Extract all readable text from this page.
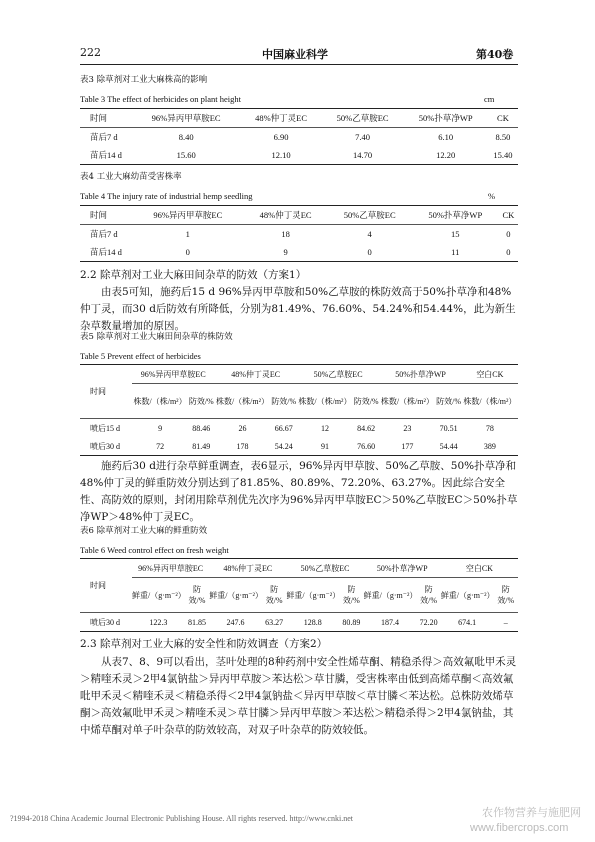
222	中国麻业科学	第40卷
表3 除草剂对工业大麻株高的影响
Table 3 The effect of herbicides on plant height	cm
时间	96%异丙甲草胺EC	48%仲丁灵EC	50%乙草胺EC	50%扑草净WP	CK
苗后7 d	8.40	6.90	7.40	6.10	8.50
苗后14 d	15.60	12.10	14.70	12.20	15.40
表4 工业大麻幼苗受害株率
Table 4 The injury rate of industrial hemp seedling	%
时间	96%异丙甲草胺EC	48%仲丁灵EC	50%乙草胺EC	50%扑草净WP	CK
苗后7 d	1	18	4	15	0
苗后14 d	0	9	0	11	0
2.2 除草剂对工业大麻田间杂草的防效（方案1）
由表5可知，施药后15 d 96%异丙甲草胺和50%乙草胺的株防效高于50%扑草净和48%仲丁灵，而30 d后防效有所降低，分别为81.49%、76.60%、54.24%和54.44%，此为新生杂草数量增加的原因。
表5 除草剂对工业大麻田间杂草的株防效
Table 5 Prevent effect of herbicides
时间	96%异丙甲草胺EC		48%仲丁灵EC		50%乙草胺EC		50%扑草净WP		空白CK
	株数/（株/m²）	防效/%	株数/（株/m²）	防效/%	株数/（株/m²）	防效/%	株数/（株/m²）	防效/%	株数/（株/m²）
喷后15 d	9	88.46	26	66.67	12	84.62	23	70.51	78
喷后30 d	72	81.49	178	54.24	91	76.60	177	54.44	389
施药后30 d进行杂草鲜重调查，表6显示，96%异丙甲草胺、50%乙草胺、50%扑草净和48%仲丁灵的鲜重防效分别达到了81.85%、80.89%、72.20%、63.27%。因此综合安全性、高防效的原则，封闭用除草剂优先次序为96%异丙甲草胺EC＞50%乙草胺EC＞50%扑草净WP＞48%仲丁灵EC。
表6 除草剂对工业大麻的鲜重防效
Table 6 Weed control effect on fresh weight
时间	96%异丙甲草胺EC		48%仲丁灵EC		50%乙草胺EC		50%扑草净WP		空白CK	
	鲜重/（g·m⁻²）	防效/%	鲜重/（g·m⁻²）	防效/%	鲜重/（g·m⁻²）	防效/%	鲜重/（g·m⁻²）	防效/%	鲜重/（g·m⁻²）	防效/%
喷后30 d	122.3	81.85	247.6	63.27	128.8	80.89	187.4	72.20	674.1	–
2.3 除草剂对工业大麻的安全性和防效调查（方案2）
从表7、8、9可以看出，茎叶处理的8种药剂中安全性烯草酮、精稳杀得＞高效氟吡甲禾灵＞精喹禾灵＞2甲4氯钠盐＞异丙甲草胺＞苯达松＞草甘膦，受害株率由低到高烯草酮＜高效氟吡甲禾灵＜精喹禾灵＜精稳杀得＜2甲4氯钠盐＜异丙甲草胺＜草甘膦＜苯达松。总株防效烯草酮＞高效氟吡甲禾灵＞精喹禾灵＞草甘膦＞异丙甲草胺＞苯达松＞精稳杀得＞2甲4氯钠盐，其中烯草酮对单子叶杂草的防效较高，对双子叶杂草的防效较低。
?1994-2018 China Academic Journal Electronic Publishing House. All rights reserved. http://www.cnki.net	农作物营养与施肥网
www.fibercrops.com
